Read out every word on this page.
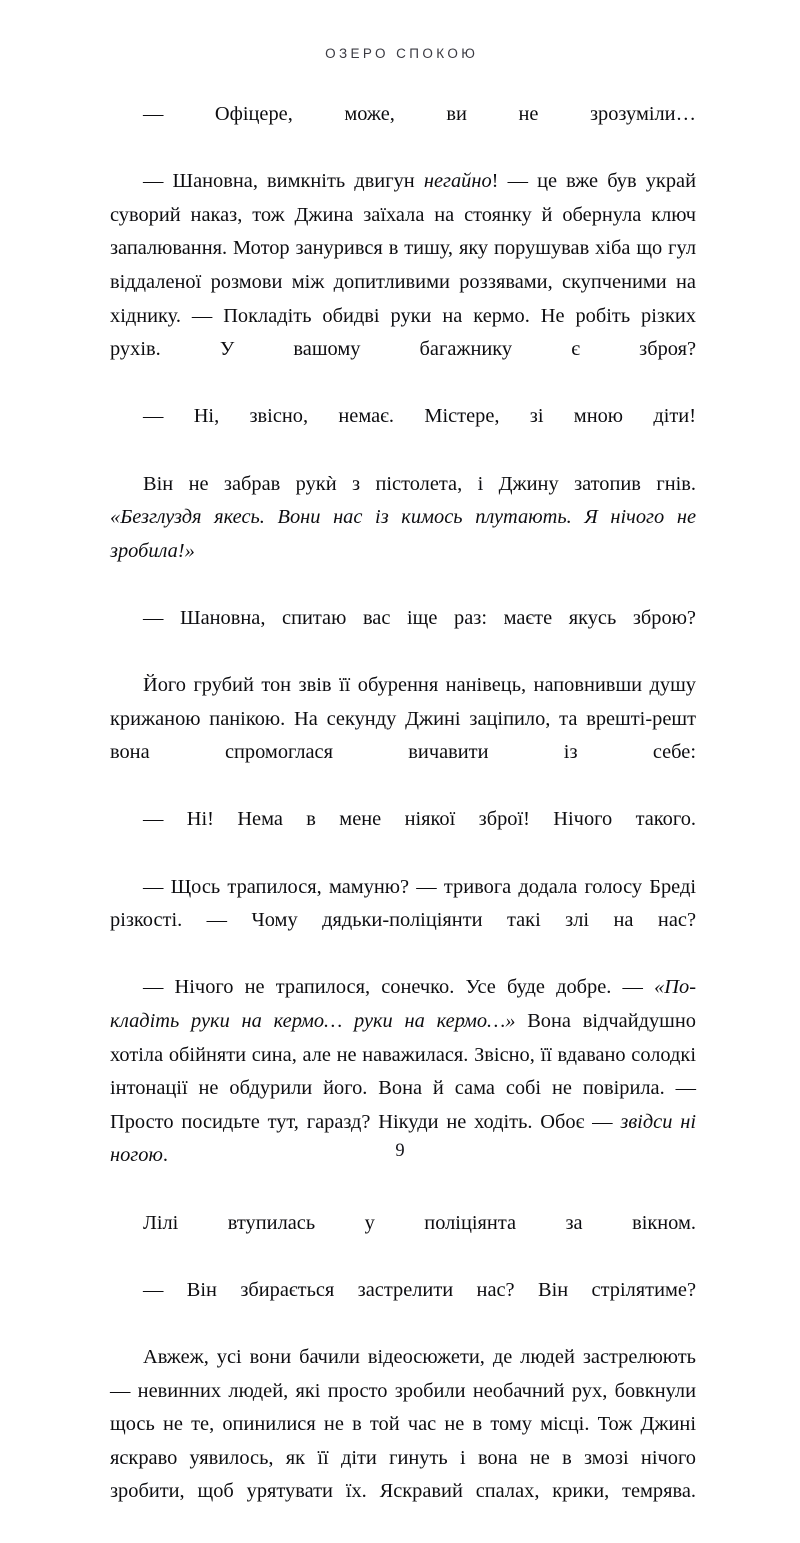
ОЗЕРО СПОКОЮ

— Офіцере, може, ви не зрозуміли…

— Шановна, вимкніть двигун негайно! — це вже був украй суворий наказ, тож Джина заїхала на стоянку й обернула ключ запалювання. Мотор занурився в тишу, яку порушував хіба що гул віддаленої розмови між допитливими роззявами, скупченими на хіднику. — Покладіть обидві руки на кермо. Не робіть різких рухів. У вашому багажнику є зброя?

— Ні, звісно, немає. Містере, зі мною діти!

Він не забрав рукѝ з пістолета, і Джину затопив гнів. «Безглуздя якесь. Вони нас із кимось плутають. Я нічого не зробила!»

— Шановна, спитаю вас іще раз: маєте якусь зброю?

Його грубий тон звів її обурення нанівець, наповнивши душу крижаною панікою. На секунду Джині заціпило, та врешті-решт вона спромоглася вичавити із себе:

— Ні! Нема в мене ніякої зброї! Нічого такого.

— Щось трапилося, мамуню? — тривога додала голосу Бреді різкості. — Чому дядьки-поліціянти такі злі на нас?

— Нічого не трапилося, сонечко. Усе буде добре. — «Покладіть руки на кермо… руки на кермо…» Вона відчайдушно хотіла обійняти сина, але не наважилася. Звісно, її вдавано солодкі інтонації не обдурили його. Вона й сама собі не повірила. — Просто посидьте тут, гаразд? Нікуди не ходіть. Обоє — звідси ні ногою.

Лілі втупилась у поліціянта за вікном.

— Він збирається застрелити нас? Він стрілятиме?

Авжеж, усі вони бачили відеосюжети, де людей застрелюють — невинних людей, які просто зробили необачний рух, бовкнули щось не те, опинилися не в той час не в тому місці. Тож Джині яскраво уявилось, як її діти гинуть і вона не в змозі нічого зробити, щоб урятувати їх. Яскравий спалах, крики, темрява.

9
